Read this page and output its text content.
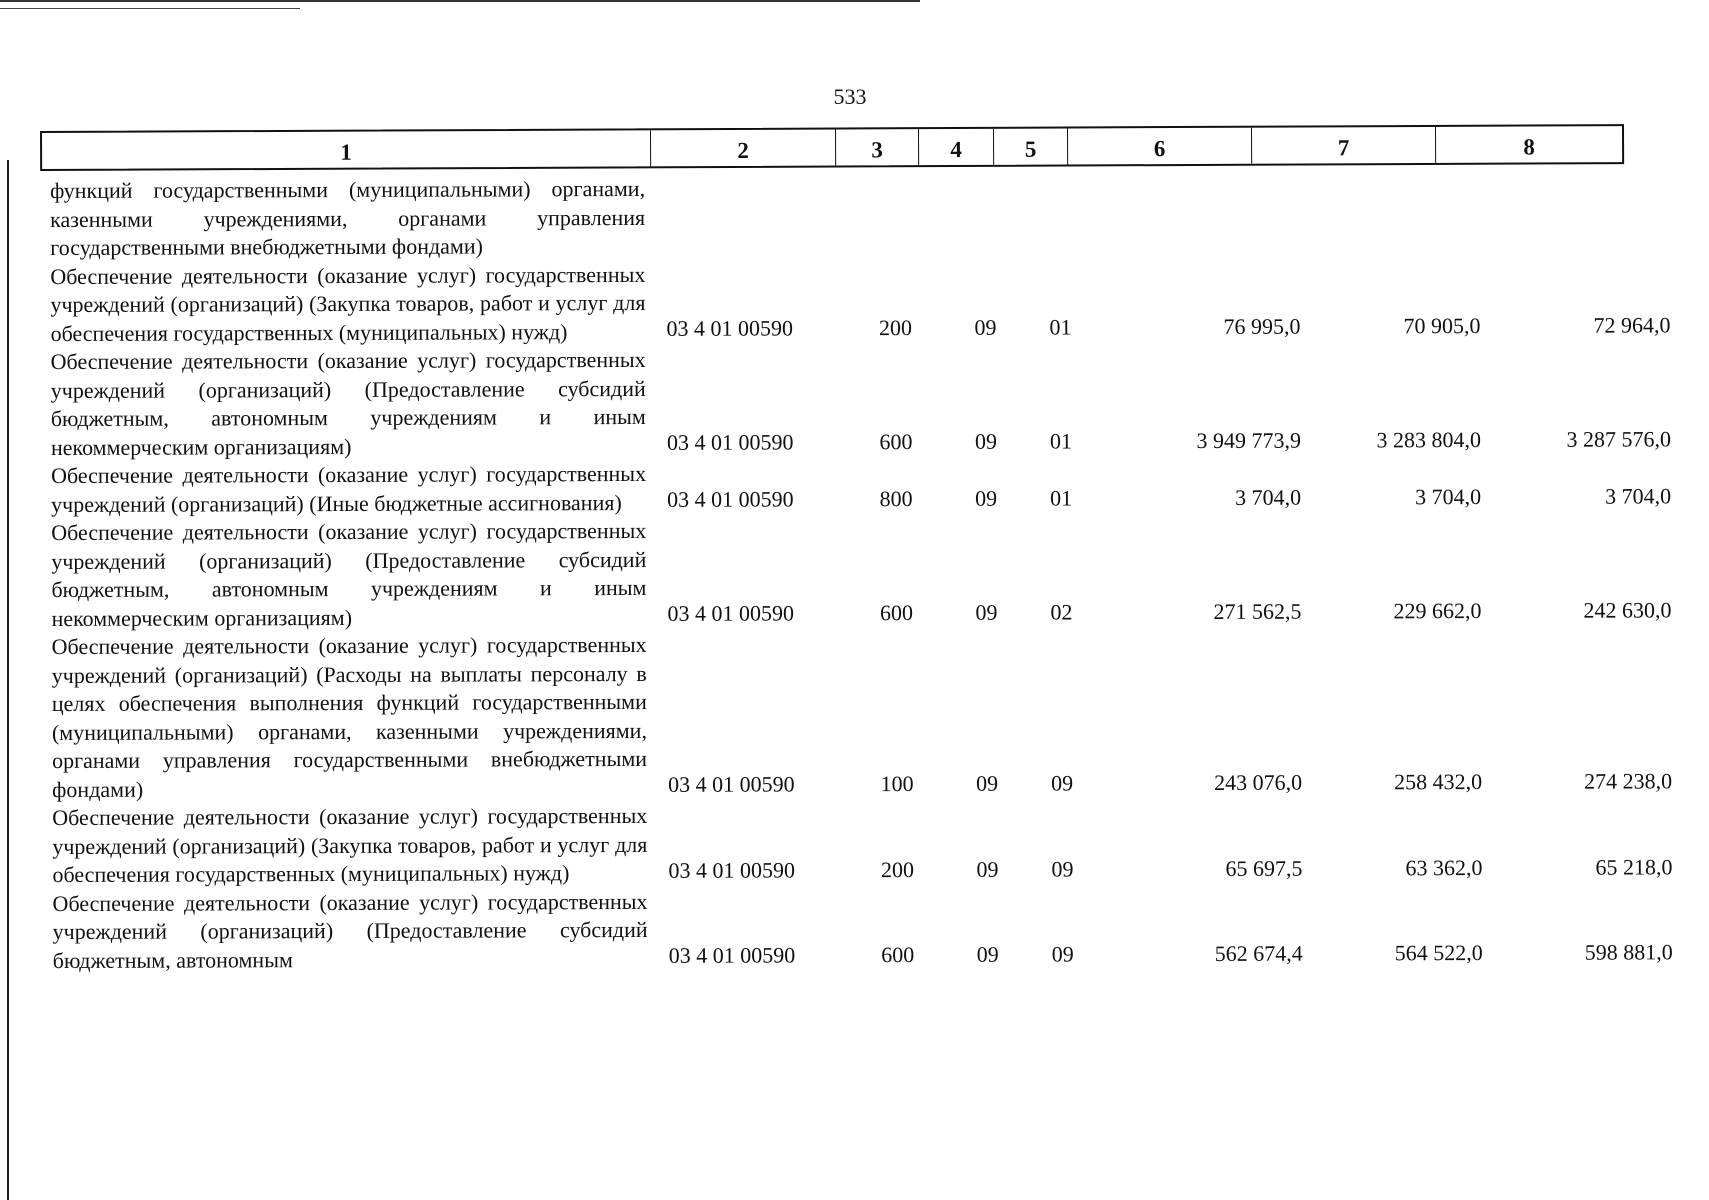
533
1	2	3	4	5	6	7	8
функций государственными (муниципальными) органами, казенными учреждениями, органами управления государственными внебюджетными фондами)
Обеспечение деятельности (оказание услуг) государственных учреждений (организаций) (Закупка товаров, работ и услуг для обеспечения государственных (муниципальных) нужд)	03 4 01 00590	200	09	01	76 995,0	70 905,0	72 964,0
Обеспечение деятельности (оказание услуг) государственных учреждений (организаций) (Предоставление субсидий бюджетным, автономным учреждениям и иным некоммерческим организациям)	03 4 01 00590	600	09	01	3 949 773,9	3 283 804,0	3 287 576,0
Обеспечение деятельности (оказание услуг) государственных учреждений (организаций) (Иные бюджетные ассигнования)	03 4 01 00590	800	09	01	3 704,0	3 704,0	3 704,0
Обеспечение деятельности (оказание услуг) государственных учреждений (организаций) (Предоставление субсидий бюджетным, автономным учреждениям и иным некоммерческим организациям)	03 4 01 00590	600	09	02	271 562,5	229 662,0	242 630,0
Обеспечение деятельности (оказание услуг) государственных учреждений (организаций) (Расходы на выплаты персоналу в целях обеспечения выполнения функций государственными (муниципальными) органами, казенными учреждениями, органами управления государственными внебюджетными фондами)	03 4 01 00590	100	09	09	243 076,0	258 432,0	274 238,0
Обеспечение деятельности (оказание услуг) государственных учреждений (организаций) (Закупка товаров, работ и услуг для обеспечения государственных (муниципальных) нужд)	03 4 01 00590	200	09	09	65 697,5	63 362,0	65 218,0
Обеспечение деятельности (оказание услуг) государственных учреждений (организаций) (Предоставление субсидий бюджетным, автономным	03 4 01 00590	600	09	09	562 674,4	564 522,0	598 881,0
